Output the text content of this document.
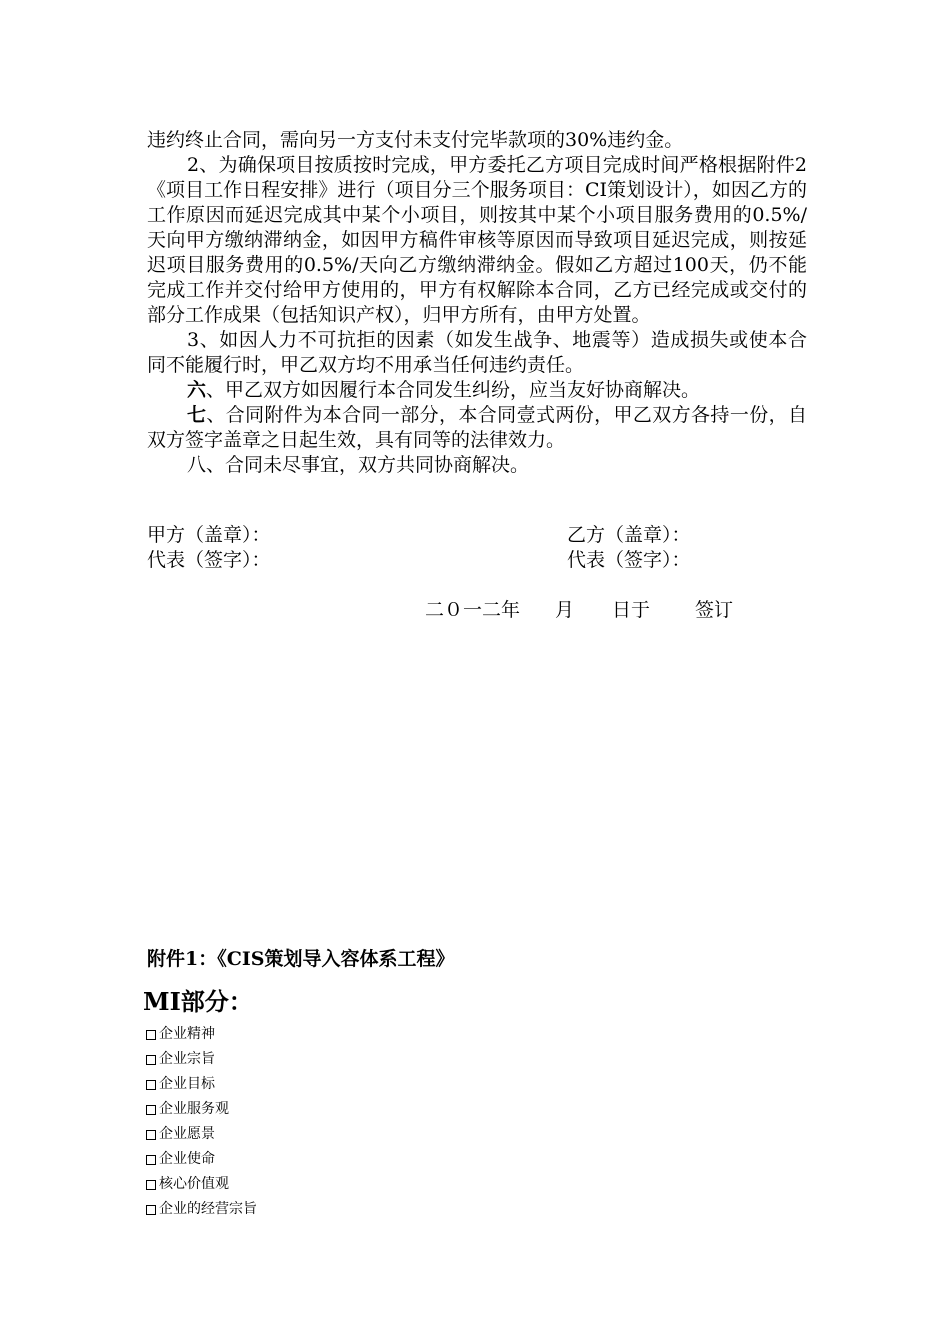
违约终止合同，需向另一方支付未支付完毕款项的30%违约金。

2、为确保项目按质按时完成，甲方委托乙方项目完成时间严格根据附件2《项目工作日程安排》进行（项目分三个服务项目：CI策划设计），如因乙方的工作原因而延迟完成其中某个小项目，则按其中某个小项目服务费用的0.5%/天向甲方缴纳滞纳金，如因甲方稿件审核等原因而导致项目延迟完成，则按延迟项目服务费用的0.5%/天向乙方缴纳滞纳金。假如乙方超过100天，仍不能完成工作并交付给甲方使用的，甲方有权解除本合同，乙方已经完成或交付的部分工作成果（包括知识产权），归甲方所有，由甲方处置。

3、如因人力不可抗拒的因素（如发生战争、地震等）造成损失或使本合同不能履行时，甲乙双方均不用承当任何违约责任。

六、甲乙双方如因履行本合同发生纠纷，应当友好协商解决。

七、合同附件为本合同一部分，本合同壹式两份，甲乙双方各持一份，自双方签字盖章之日起生效，具有同等的法律效力。

八、合同未尽事宜，双方共同协商解决。

甲方（盖章）：
代表（签字）：
乙方（盖章）：
代表（签字）：
二０一二年 月 日于 签订
附件1：《CIS策划导入容体系工程》
MI部分：
企业精神
企业宗旨
企业目标
企业服务观
企业愿景
企业使命
核心价值观
企业的经营宗旨
